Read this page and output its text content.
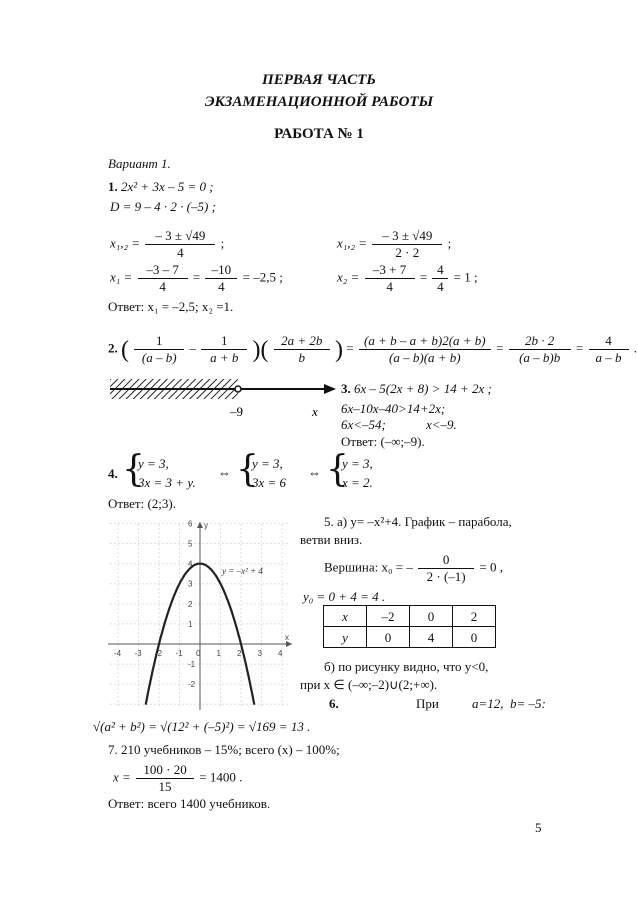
ПЕРВАЯ ЧАСТЬ
ЭКЗАМЕНАЦИОННОЙ РАБОТЫ
РАБОТА № 1
Вариант 1.
1. 2x² + 3x – 5 = 0 ;
D = 9 – 4 · 2 · (–5) ;
$x_1,_2 = \frac{- 3 \pm √49}{4}$ ;	$x_1,_2 = \frac{- 3 \pm √49}{2 \cdot 2}$ ;
$x_1 = \frac{-3 - 7}{4} = \frac{-10}{4} = -2,5$ ;	$x_2 = \frac{-3 + 7}{4} = \frac{4}{4} = 1$ ;
Ответ: x₁ = –2,5; x₂ =1.
2. ( $\frac{1}{(a - b)} - \frac{1}{a + b}$ )( $\frac{2a + 2b}{b}$ ) = $\frac{(a + b - a + b)2(a + b)}{(a - b)(a + b)} = \frac{2b \cdot 2}{(a - b)b} = \frac{4}{a - b}$ .
–9	x
3. 6x – 5(2x + 8) > 14 + 2x ;
6x–10x–40>14+2x;
6x<–54;	x<–9.
Ответ: (–∞;–9).
4. {
y = 3,
3x = 3 + y.
⇔ {
y = 3,
3x = 6
⇔ {
y = 3,
x = 2.
Ответ: (2;3).
-4 -3 -2 -1 0 1 2 3 4
6
5
4
3
2
1
-1
-2
x
y
y = –x² + 4
5. а) y= –x²+4. График – парабола,
ветви вниз.
Вершина: x₀ = – $\frac{0}{2 \cdot (-1)} = 0$ ,
y₀ = 0 + 4 = 4 .
x	–2	0	2
y	0	4	0
б) по рисунку видно, что y<0,
при x ∈ (–∞;–2)∪(2;+∞).
6.	При	a=12, b= –5:
√(a² + b²) = √(12² + (–5)²) = √169 = 13 .
7. 210 учебников – 15%; всего (x) – 100%;
$x = \frac{100 \cdot 20}{15} = 1400$ .
Ответ: всего 1400 учебников.
5
